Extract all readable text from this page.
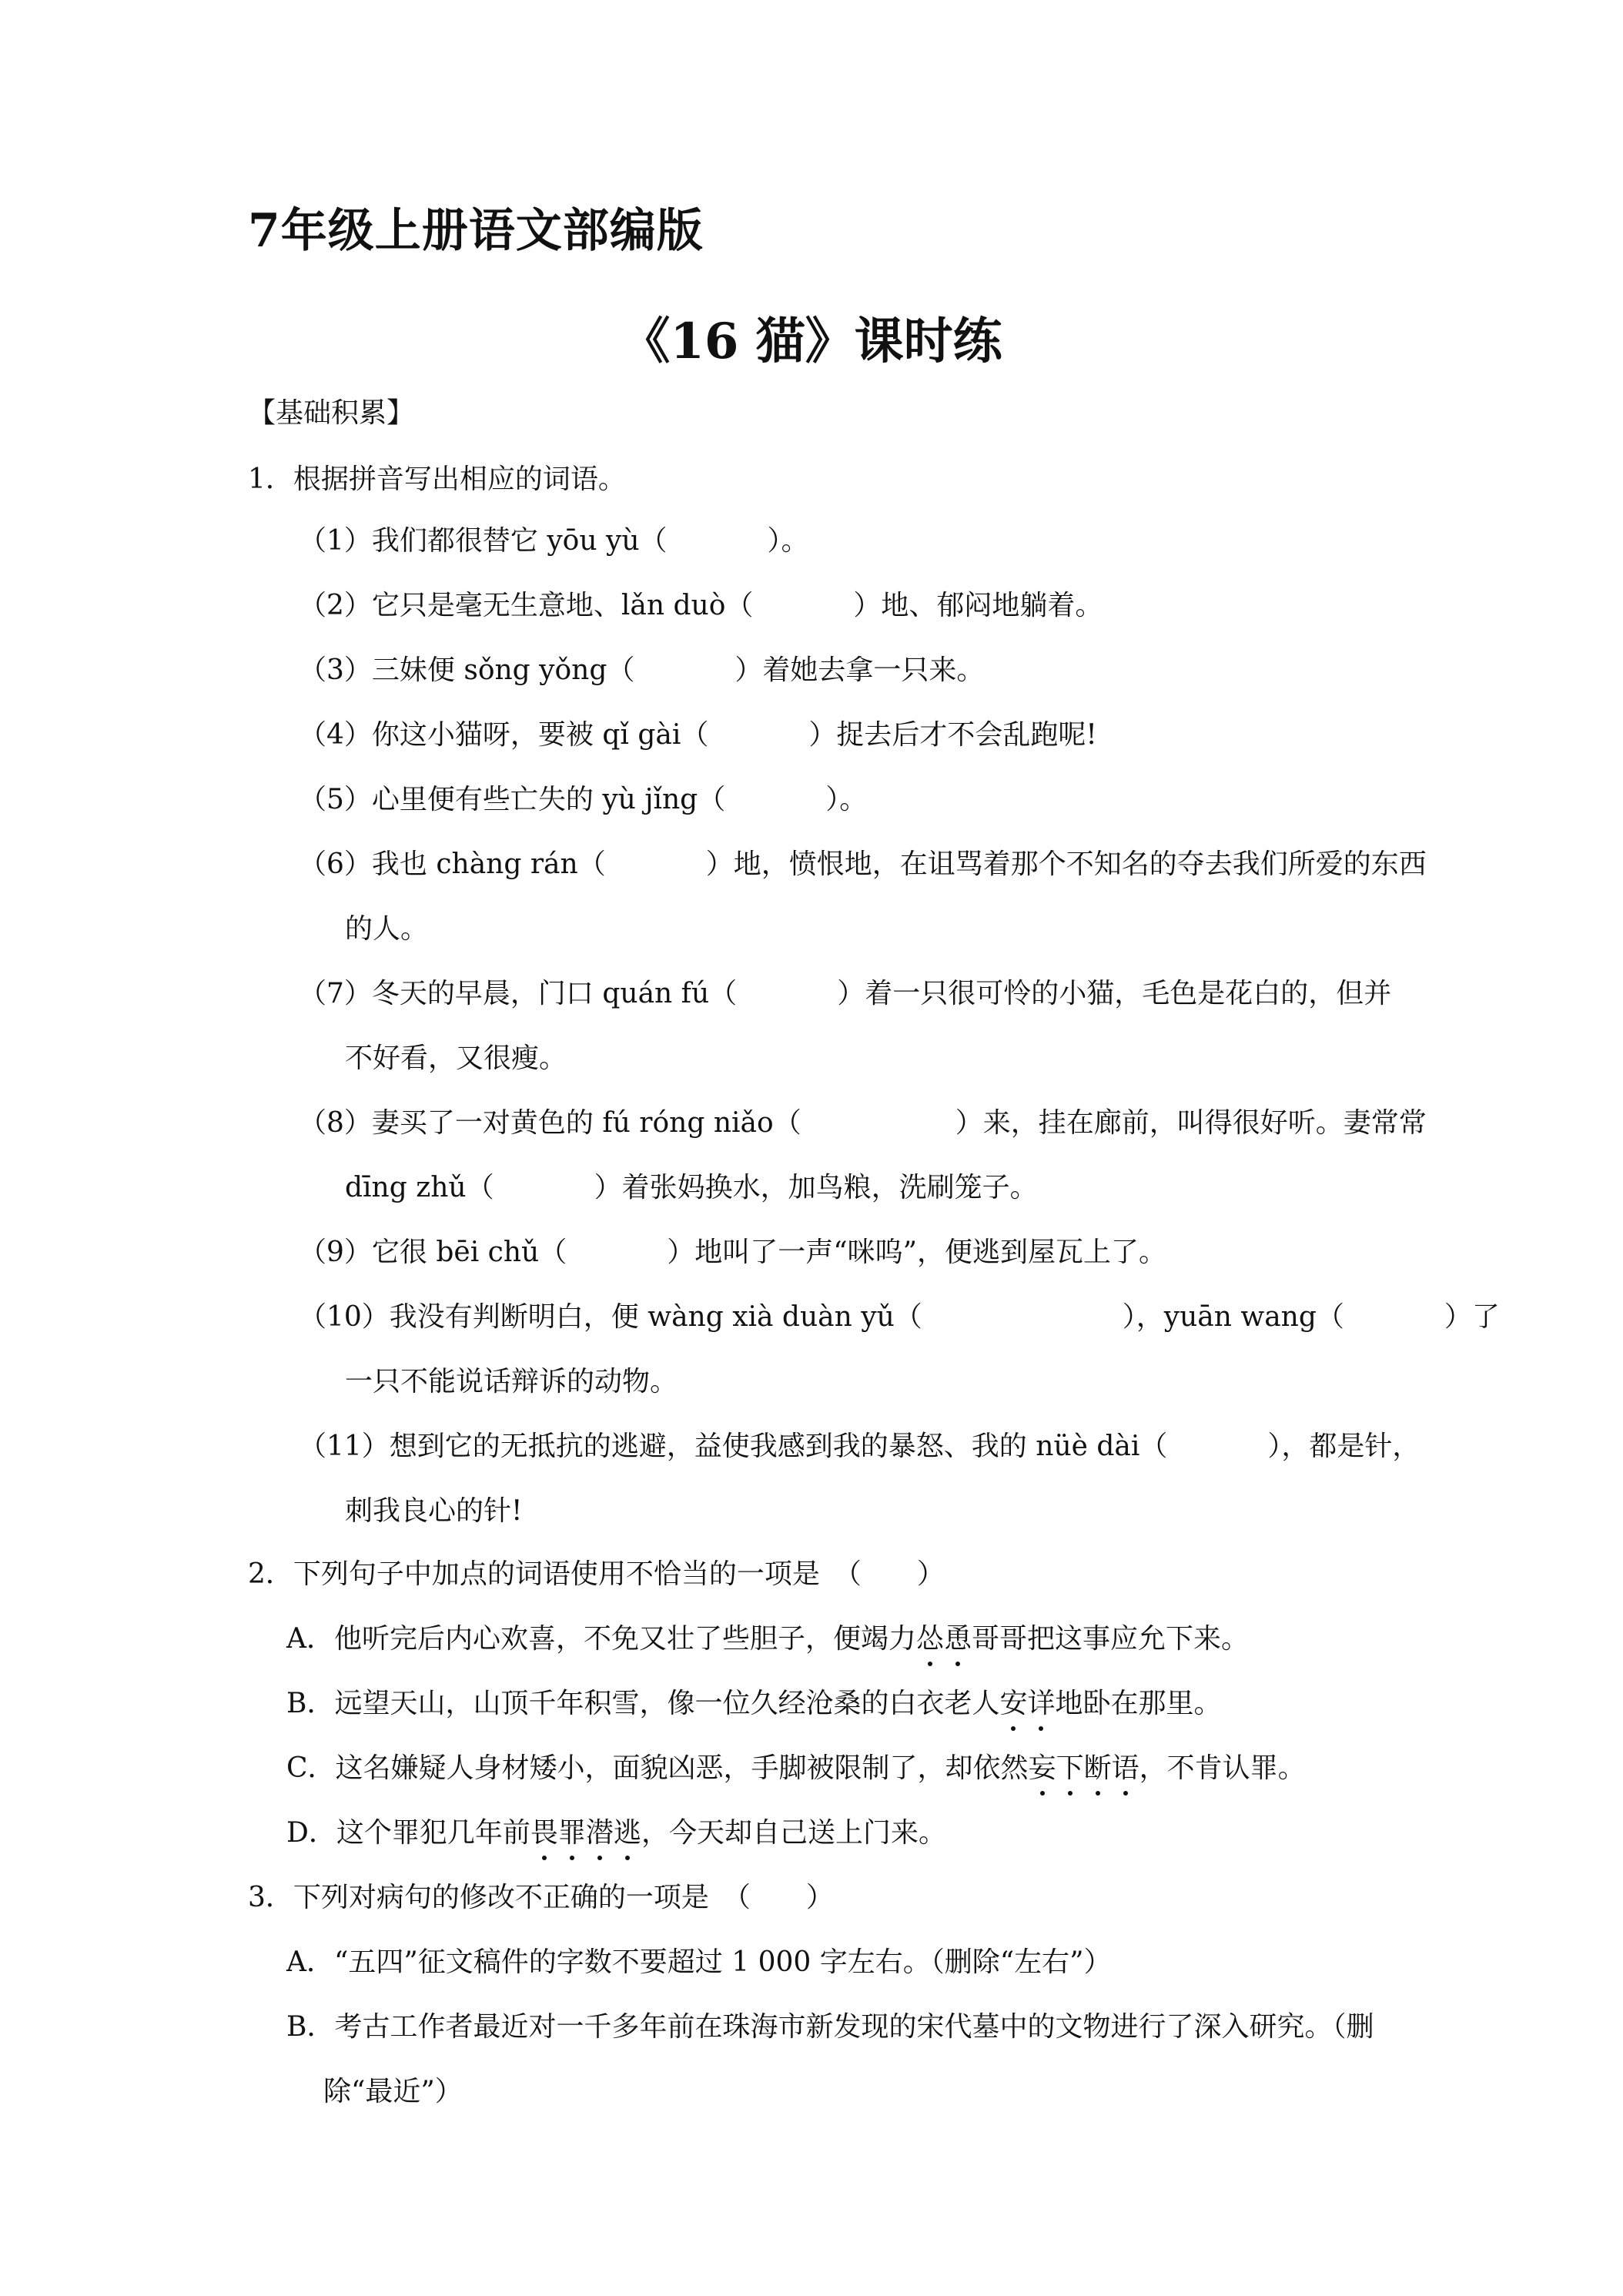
7年级上册语文部编版
《16 猫》课时练
【基础积累】
1．根据拼音写出相应的词语。
（1）我们都很替它 yōu yù（	）。
（2）它只是毫无生意地、lǎn duò（	）地、郁闷地躺着。
（3）三妹便 sǒng yǒng（	）着她去拿一只来。
（4）你这小猫呀，要被 qǐ gài（	）捉去后才不会乱跑呢!
（5）心里便有些亡失的 yù jǐng（	）。
（6）我也 chàng rán（	）地，愤恨地，在诅骂着那个不知名的夺去我们所爱的东西
的人。
（7）冬天的早晨，门口 quán fú（	）着一只很可怜的小猫，毛色是花白的，但并
不好看，又很瘦。
（8）妻买了一对黄色的 fú róng niǎo（	）来，挂在廊前，叫得很好听。妻常常
dīng zhǔ（	）着张妈换水，加鸟粮，洗刷笼子。
（9）它很 bēi chǔ（	）地叫了一声“咪呜”，便逃到屋瓦上了。
（10）我没有判断明白，便 wàng xià duàn yǔ（	），yuān wang（	）了
一只不能说话辩诉的动物。
（11）想到它的无抵抗的逃避，益使我感到我的暴怒、我的 nüè dài（	），都是针，
刺我良心的针!
2．下列句子中加点的词语使用不恰当的一项是　（　　）
A．他听完后内心欢喜，不免又壮了些胆子，便竭力怂恿哥哥把这事应允下来。
B．远望天山，山顶千年积雪，像一位久经沧桑的白衣老人安详地卧在那里。
C．这名嫌疑人身材矮小，面貌凶恶，手脚被限制了，却依然妄下断语，不肯认罪。
D．这个罪犯几年前畏罪潜逃，今天却自己送上门来。
3．下列对病句的修改不正确的一项是　（　　）
A．“五四”征文稿件的字数不要超过 1 000 字左右。（删除“左右”）
B．考古工作者最近对一千多年前在珠海市新发现的宋代墓中的文物进行了深入研究。（删
除“最近”）
